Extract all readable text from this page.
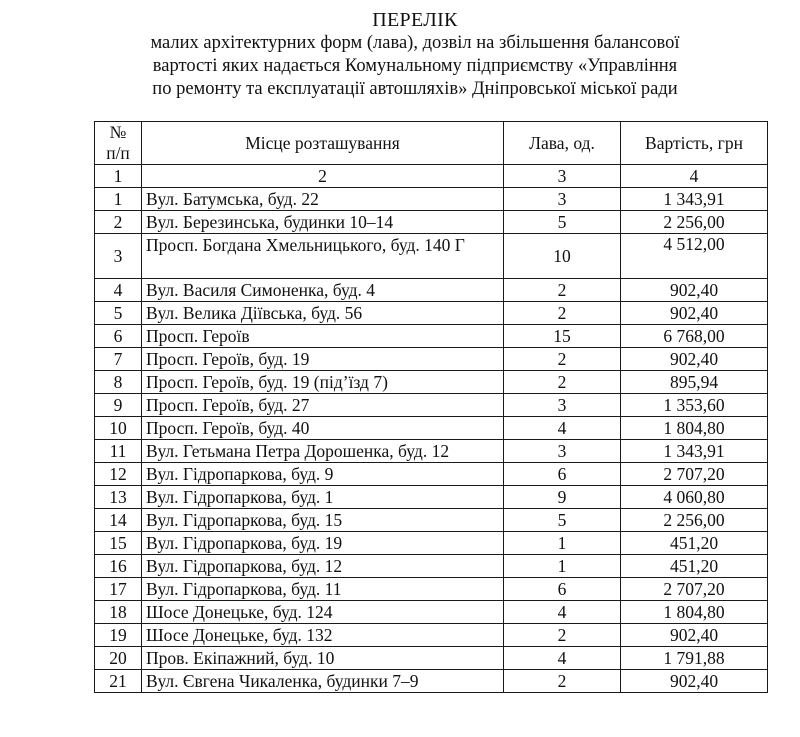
ПЕРЕЛІК
малих архітектурних форм (лава), дозвіл на збільшення балансової
вартості яких надається Комунальному підприємству «Управління
по ремонту та експлуатації автошляхів» Дніпровської міської ради
№
п/п	Місце розташування	Лава, од.	Вартість, грн
1	2	3	4
1	Вул. Батумська, буд. 22	3	1 343,91
2	Вул. Березинська, будинки 10–14	5	2 256,00
3	Просп. Богдана Хмельницького, буд. 140 Г	10	4 512,00
4	Вул. Василя Симоненка, буд. 4	2	902,40
5	Вул. Велика Діївська, буд. 56	2	902,40
6	Просп. Героїв	15	6 768,00
7	Просп. Героїв, буд. 19	2	902,40
8	Просп. Героїв, буд. 19 (під’їзд 7)	2	895,94
9	Просп. Героїв, буд. 27	3	1 353,60
10	Просп. Героїв, буд. 40	4	1 804,80
11	Вул. Гетьмана Петра Дорошенка, буд. 12	3	1 343,91
12	Вул. Гідропаркова, буд. 9	6	2 707,20
13	Вул. Гідропаркова, буд. 1	9	4 060,80
14	Вул. Гідропаркова, буд. 15	5	2 256,00
15	Вул. Гідропаркова, буд. 19	1	451,20
16	Вул. Гідропаркова, буд. 12	1	451,20
17	Вул. Гідропаркова, буд. 11	6	2 707,20
18	Шосе Донецьке, буд. 124	4	1 804,80
19	Шосе Донецьке, буд. 132	2	902,40
20	Пров. Екіпажний, буд. 10	4	1 791,88
21	Вул. Євгена Чикаленка, будинки 7–9	2	902,40
